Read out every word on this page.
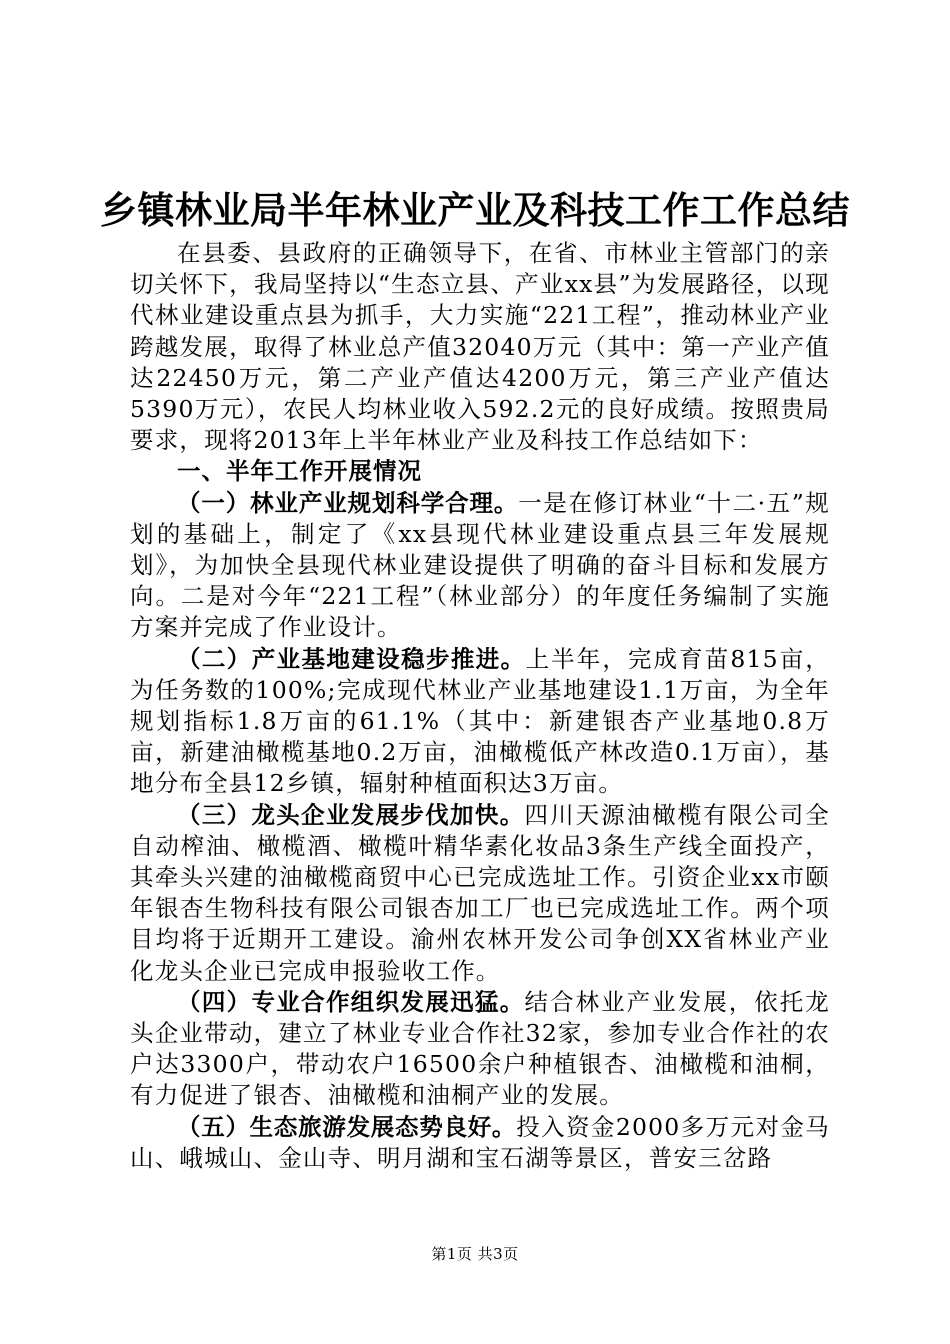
乡镇林业局半年林业产业及科技工作工作总结

在县委、县政府的正确领导下，在省、市林业主管部门的亲切关怀下，我局坚持以“生态立县、产业xx县”为发展路径，以现代林业建设重点县为抓手，大力实施“221工程”，推动林业产业跨越发展，取得了林业总产值32040万元（其中：第一产业产值达22450万元，第二产业产值达4200万元，第三产业产值达5390万元），农民人均林业收入592.2元的良好成绩。按照贵局要求，现将2013年上半年林业产业及科技工作总结如下：

一、半年工作开展情况

（一）林业产业规划科学合理。一是在修订林业“十二·五”规划的基础上，制定了《xx县现代林业建设重点县三年发展规划》，为加快全县现代林业建设提供了明确的奋斗目标和发展方向。二是对今年“221工程”（林业部分）的年度任务编制了实施方案并完成了作业设计。

（二）产业基地建设稳步推进。上半年，完成育苗815亩，为任务数的100%;完成现代林业产业基地建设1.1万亩，为全年规划指标1.8万亩的61.1%（其中：新建银杏产业基地0.8万亩，新建油橄榄基地0.2万亩，油橄榄低产林改造0.1万亩），基地分布全县12乡镇，辐射种植面积达3万亩。

（三）龙头企业发展步伐加快。四川天源油橄榄有限公司全自动榨油、橄榄酒、橄榄叶精华素化妆品3条生产线全面投产，其牵头兴建的油橄榄商贸中心已完成选址工作。引资企业xx市颐年银杏生物科技有限公司银杏加工厂也已完成选址工作。两个项目均将于近期开工建设。渝州农林开发公司争创XX省林业产业化龙头企业已完成申报验收工作。

（四）专业合作组织发展迅猛。结合林业产业发展，依托龙头企业带动，建立了林业专业合作社32家，参加专业合作社的农户达3300户，带动农户16500余户种植银杏、油橄榄和油桐，有力促进了银杏、油橄榄和油桐产业的发展。

（五）生态旅游发展态势良好。投入资金2000多万元对金马山、峨城山、金山寺、明月湖和宝石湖等景区，普安三岔路

第1页 共3页
